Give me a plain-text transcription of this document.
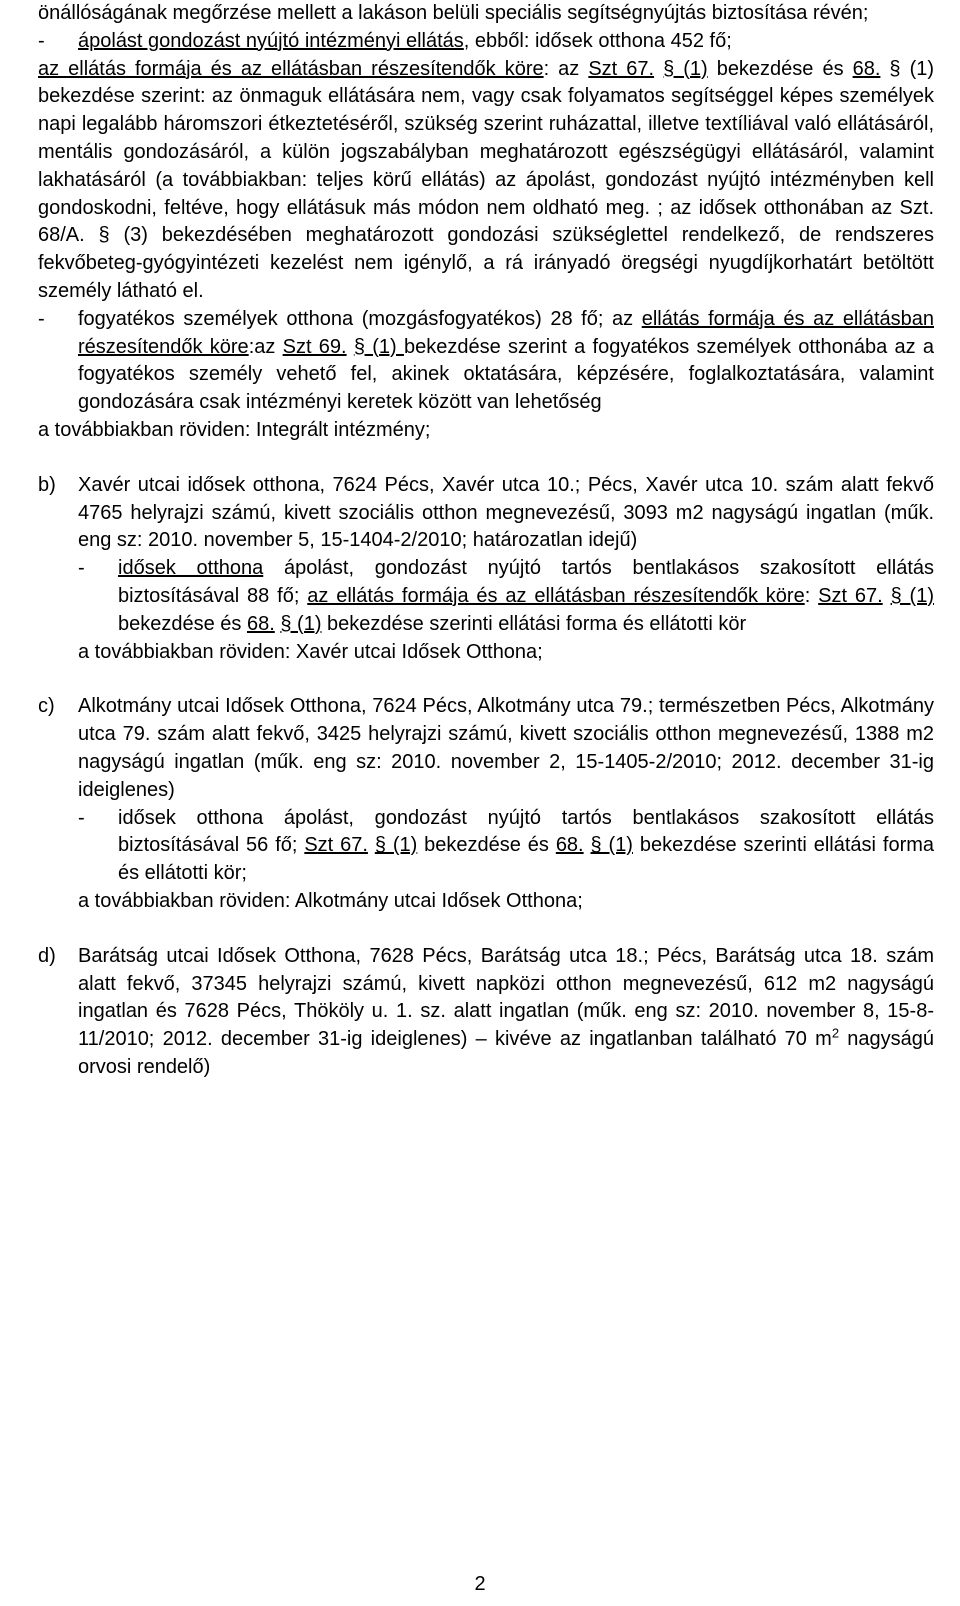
önállóságának megőrzése mellett a lakáson belüli speciális segítségnyújtás biztosítása révén;

-	ápolást gondozást nyújtó intézményi ellátás, ebből: idősek otthona 452 fő;

az ellátás formája és az ellátásban részesítendők köre: az Szt 67. § (1) bekezdése és 68. § (1) bekezdése szerint: az önmaguk ellátására nem, vagy csak folyamatos segítséggel képes személyek napi legalább háromszori étkeztetéséről, szükség szerint ruházattal, illetve textíliával való ellátásáról, mentális gondozásáról, a külön jogszabályban meghatározott egészségügyi ellátásáról, valamint lakhatásáról (a továbbiakban: teljes körű ellátás) az ápolást, gondozást nyújtó intézményben kell gondoskodni, feltéve, hogy ellátásuk más módon nem oldható meg. ; az idősek otthonában az Szt. 68/A. § (3) bekezdésében meghatározott gondozási szükséglettel rendelkező, de rendszeres fekvőbeteg-gyógyintézeti kezelést nem igénylő, a rá irányadó öregségi nyugdíjkorhatárt betöltött személy látható el.

-	fogyatékos személyek otthona (mozgásfogyatékos) 28 fő; az ellátás formája és az ellátásban részesítendők köre:az Szt 69. § (1) bekezdése szerint a fogyatékos személyek otthonába az a fogyatékos személy vehető fel, akinek oktatására, képzésére, foglalkoztatására, valamint gondozására csak intézményi keretek között van lehetőség

a továbbiakban röviden: Integrált intézmény;

b)	Xavér utcai idősek otthona, 7624 Pécs, Xavér utca 10.; Pécs, Xavér utca 10. szám alatt fekvő 4765 helyrajzi számú, kivett szociális otthon megnevezésű, 3093 m2 nagyságú ingatlan (műk. eng sz: 2010. november 5, 15-1404-2/2010; határozatlan idejű)

-	idősek otthona ápolást, gondozást nyújtó tartós bentlakásos szakosított ellátás biztosításával 88 fő; az ellátás formája és az ellátásban részesítendők köre: Szt 67. § (1) bekezdése és 68. § (1) bekezdése szerinti ellátási forma és ellátotti kör

a továbbiakban röviden: Xavér utcai Idősek Otthona;

c)	Alkotmány utcai Idősek Otthona, 7624 Pécs, Alkotmány utca 79.; természetben Pécs, Alkotmány utca 79. szám alatt fekvő, 3425 helyrajzi számú, kivett szociális otthon megnevezésű, 1388 m2 nagyságú ingatlan (műk. eng sz: 2010. november 2, 15-1405-2/2010; 2012. december 31-ig ideiglenes)

-	idősek otthona ápolást, gondozást nyújtó tartós bentlakásos szakosított ellátás biztosításával 56 fő; Szt 67. § (1) bekezdése és 68. § (1) bekezdése szerinti ellátási forma és ellátotti kör;

a továbbiakban röviden: Alkotmány utcai Idősek Otthona;

d)	Barátság utcai Idősek Otthona, 7628 Pécs, Barátság utca 18.; Pécs, Barátság utca 18. szám alatt fekvő, 37345 helyrajzi számú, kivett napközi otthon megnevezésű, 612 m2 nagyságú ingatlan és 7628 Pécs, Thököly u. 1. sz. alatt ingatlan (műk. eng sz: 2010. november 8, 15-8-11/2010; 2012. december 31-ig ideiglenes) – kivéve az ingatlanban található 70 $m^2$ nagyságú orvosi rendelő)

2
